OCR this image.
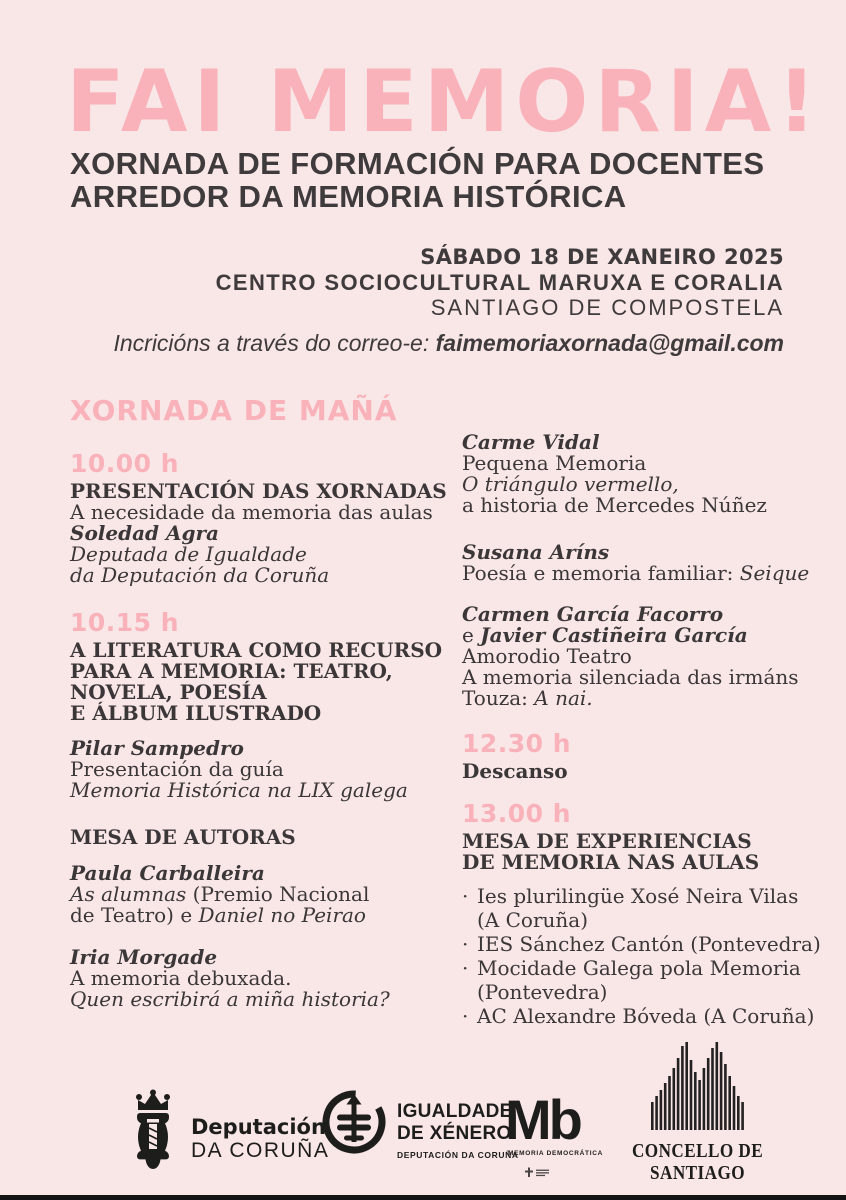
FAI MEMORIA!
XORNADA DE FORMACIÓN PARA DOCENTES
ARREDOR DA MEMORIA HISTÓRICA
SÁBADO 18 DE XANEIRO 2025
CENTRO SOCIOCULTURAL MARUXA E CORALIA
SANTIAGO DE COMPOSTELA
Incricións a través do correo-e: faimemoriaxornada@gmail.com
XORNADA DE MAÑÁ
10.00 h
PRESENTACIÓN DAS XORNADAS
A necesidade da memoria das aulas
Soledad Agra
Deputada de Igualdade
da Deputación da Coruña
10.15 h
A LITERATURA COMO RECURSO
PARA A MEMORIA: TEATRO,
NOVELA, POESÍA
E ÁLBUM ILUSTRADO
Pilar Sampedro
Presentación da guía
Memoria Histórica na LIX galega
MESA DE AUTORAS
Paula Carballeira
As alumnas (Premio Nacional
de Teatro) e Daniel no Peirao
Iria Morgade
A memoria debuxada.
Quen escribirá a miña historia?
Carme Vidal
Pequena Memoria
O triángulo vermello,
a historia de Mercedes Núñez
Susana Aríns
Poesía e memoria familiar: Seique
Carmen García Facorro
e Javier Castiñeira García
Amorodio Teatro
A memoria silenciada das irmáns
Touza: A nai.
12.30 h
Descanso
13.00 h
MESA DE EXPERIENCIAS
DE MEMORIA NAS AULAS
· Ies plurilingüe Xosé Neira Vilas
(A Coruña)
· IES Sánchez Cantón (Pontevedra)
· Mocidade Galega pola Memoria
(Pontevedra)
· AC Alexandre Bóveda (A Coruña)
Deputación
DA CORUÑA
IGUALDADE
DE XÉNERO
DEPUTACIÓN DA CORUÑA
Mb
MEMORIA DEMOCRÁTICA CONCELLO DE
SANTIAGO
